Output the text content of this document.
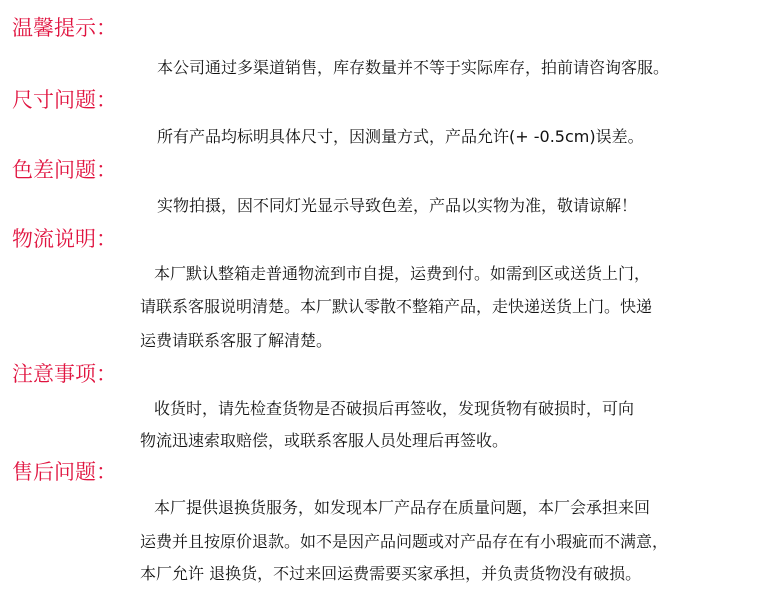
温馨提示：

本公司通过多渠道销售，库存数量并不等于实际库存，拍前请咨询客服。

尺寸问题：

所有产品均标明具体尺寸，因测量方式，产品允许(+ -0.5cm)误差。

色差问题：

实物拍摄，因不同灯光显示导致色差，产品以实物为准，敬请谅解！

物流说明：

本厂默认整箱走普通物流到市自提，运费到付。如需到区或送货上门，

请联系客服说明清楚。本厂默认零散不整箱产品，走快递送货上门。快递

运费请联系客服了解清楚。

注意事项：

收货时，请先检查货物是否破损后再签收，发现货物有破损时，可向

物流迅速索取赔偿，或联系客服人员处理后再签收。

售后问题：

本厂提供退换货服务，如发现本厂产品存在质量问题，本厂会承担来回

运费并且按原价退款。如不是因产品问题或对产品存在有小瑕疵而不满意，

本厂允许 退换货，不过来回运费需要买家承担，并负责货物没有破损。
